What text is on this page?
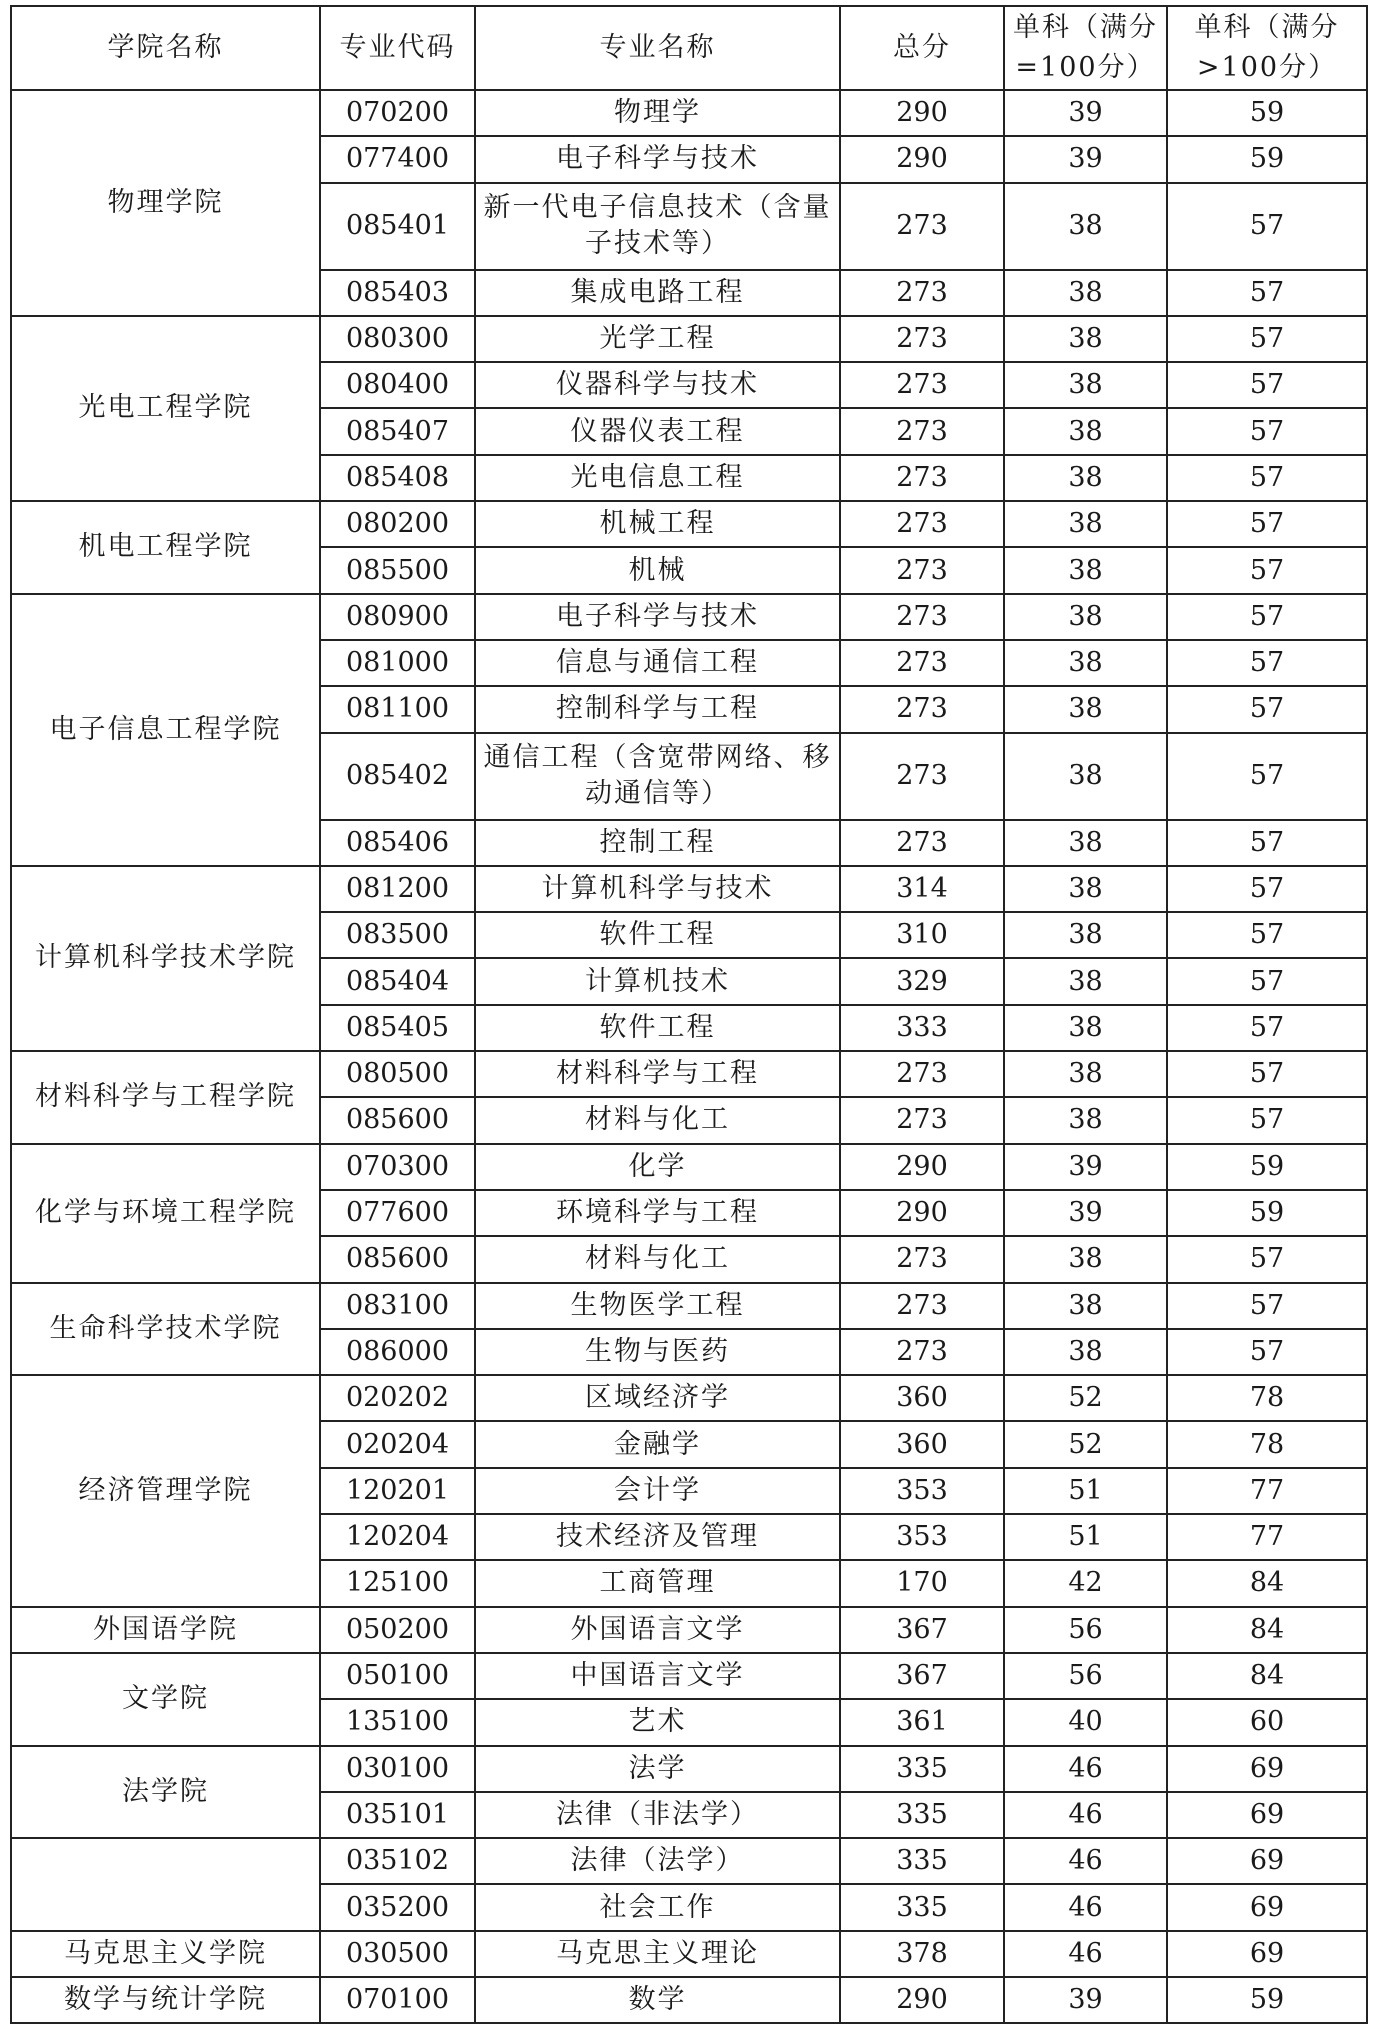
学院名称	专业代码	专业名称	总分	单科（满分=100分）	单科（满分>100分）
物理学院	070200	物理学	290	39	59
	077400	电子科学与技术	290	39	59
	085401	新一代电子信息技术（含量子技术等）	273	38	57
	085403	集成电路工程	273	38	57
光电工程学院	080300	光学工程	273	38	57
	080400	仪器科学与技术	273	38	57
	085407	仪器仪表工程	273	38	57
	085408	光电信息工程	273	38	57
机电工程学院	080200	机械工程	273	38	57
	085500	机械	273	38	57
电子信息工程学院	080900	电子科学与技术	273	38	57
	081000	信息与通信工程	273	38	57
	081100	控制科学与工程	273	38	57
	085402	通信工程（含宽带网络、移动通信等）	273	38	57
	085406	控制工程	273	38	57
计算机科学技术学院	081200	计算机科学与技术	314	38	57
	083500	软件工程	310	38	57
	085404	计算机技术	329	38	57
	085405	软件工程	333	38	57
材料科学与工程学院	080500	材料科学与工程	273	38	57
	085600	材料与化工	273	38	57
化学与环境工程学院	070300	化学	290	39	59
	077600	环境科学与工程	290	39	59
	085600	材料与化工	273	38	57
生命科学技术学院	083100	生物医学工程	273	38	57
	086000	生物与医药	273	38	57
经济管理学院	020202	区域经济学	360	52	78
	020204	金融学	360	52	78
	120201	会计学	353	51	77
	120204	技术经济及管理	353	51	77
	125100	工商管理	170	42	84
外国语学院	050200	外国语言文学	367	56	84
文学院	050100	中国语言文学	367	56	84
	135100	艺术	361	40	60
法学院	030100	法学	335	46	69
	035101	法律（非法学）	335	46	69
	035102	法律（法学）	335	46	69
	035200	社会工作	335	46	69
马克思主义学院	030500	马克思主义理论	378	46	69
数学与统计学院	070100	数学	290	39	59
